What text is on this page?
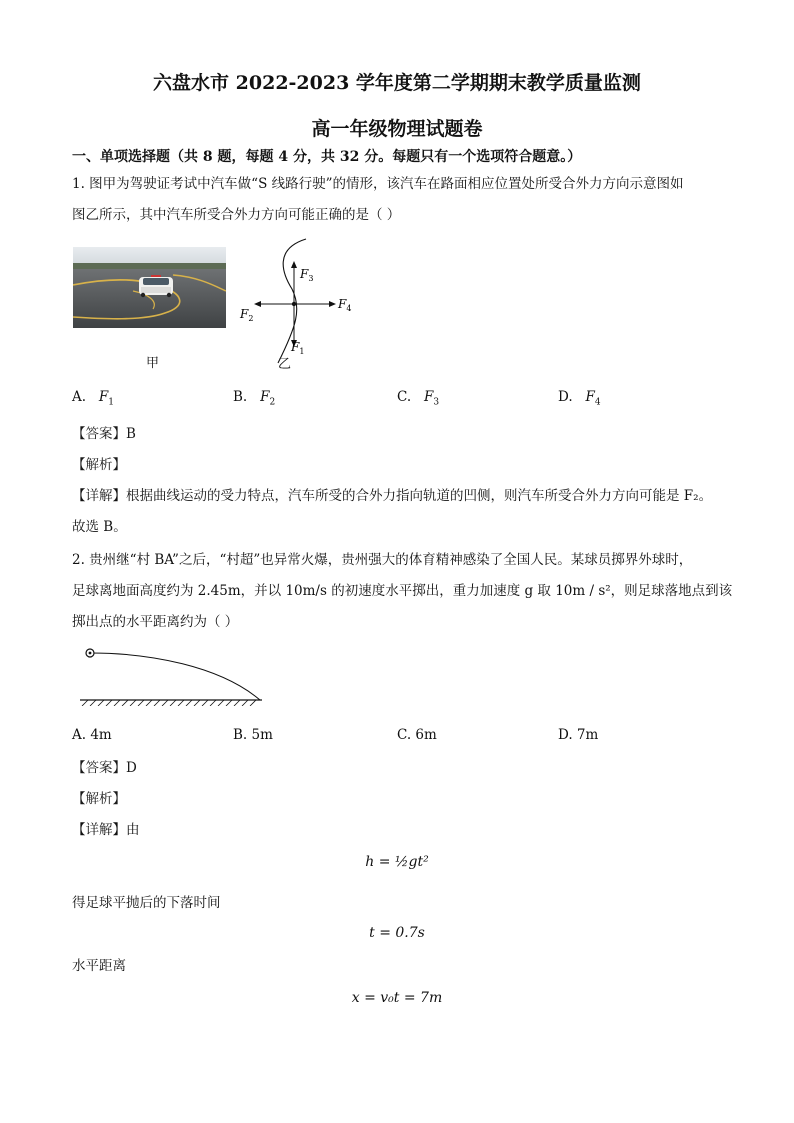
六盘水市 2022-2023 学年度第二学期期末教学质量监测
高一年级物理试题卷
一、单项选择题（共 8 题，每题 4 分，共 32 分。每题只有一个选项符合题意。）
1. 图甲为驾驶证考试中汽车做“S 线路行驶”的情形，该汽车在路面相应位置处所受合外力方向示意图如
图乙所示，其中汽车所受合外力方向可能正确的是（ ）
甲
$F_3$
$F_2$
$F_4$
$F_1$
乙
A. $F_1$	B. $F_2$	C. $F_3$	D. $F_4$
【答案】B
【解析】
【详解】根据曲线运动的受力特点，汽车所受的合外力指向轨道的凹侧，则汽车所受合外力方向可能是 F₂。
故选 B。
2. 贵州继“村 BA”之后，“村超”也异常火爆，贵州强大的体育精神感染了全国人民。某球员掷界外球时，
足球离地面高度约为 2.45m，并以 10m/s 的初速度水平掷出，重力加速度 g 取 10m / s²，则足球落地点到该
掷出点的水平距离约为（ ）
A. 4m	B. 5m	C. 6m	D. 7m
【答案】D
【解析】
【详解】由
h = ½gt²
得足球平抛后的下落时间
t = 0.7s
水平距离
x = v₀t = 7m
